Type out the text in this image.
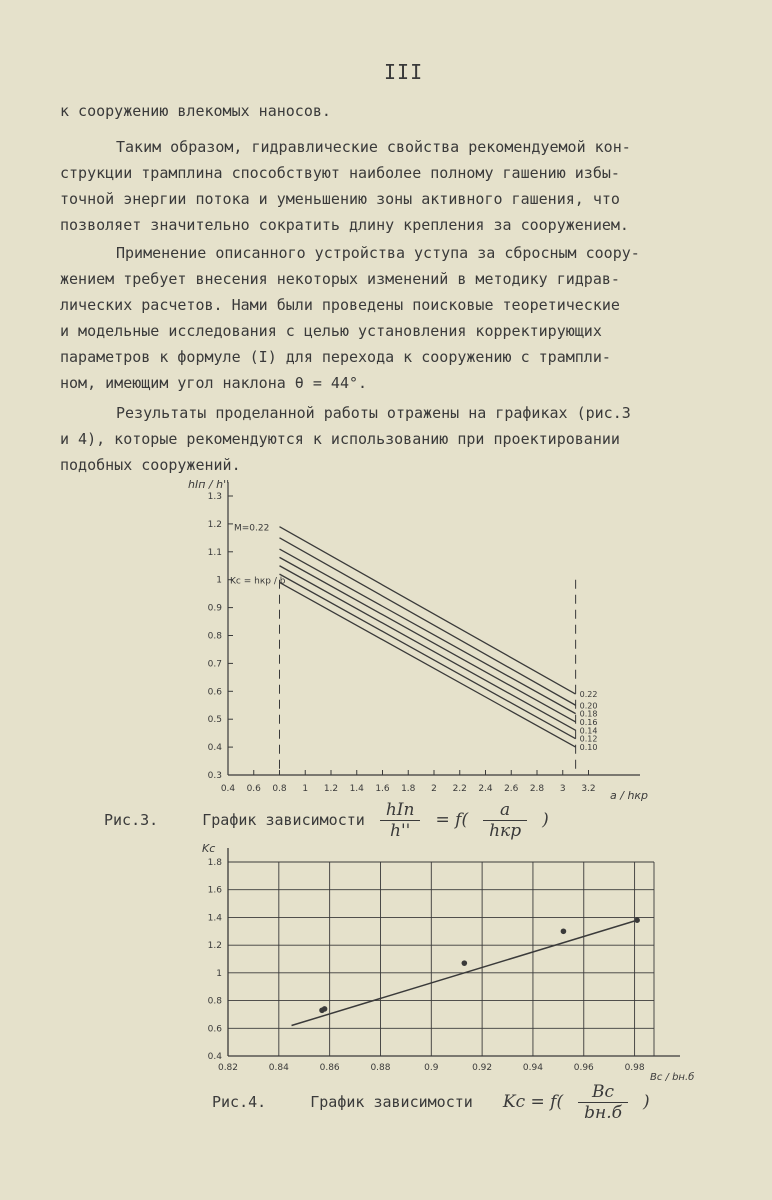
III

к сооружению влекомых наносов.

Таким образом, гидравлические свойства рекомендуемой кон-
струкции трамплина способствуют наиболее полному гашению избы-
точной энергии потока и уменьшению зоны активного гашения, что
позволяет значительно сократить длину крепления за сооружением.

Применение описанного устройства уступа за сбросным соору-
жением требует внесения некоторых изменений в методику гидрав-
лических расчетов. Нами были проведены поисковые теоретические
и модельные исследования с целью установления корректирующих
параметров к формуле (I) для перехода к сооружению с трампли-
ном, имеющим угол наклона θ = 44°.

Результаты проделанной работы отражены на графиках (рис.3
и 4), которые рекомендуются к использованию при проектировании
подобных сооружений.

0.4 0.6 0.8 1 1.2 1.4 1.6 1.8 2 2.2 2.4 2.6 2.8 3 3.2
0.3
0.4
0.5
0.6
0.7
0.8
0.9
1
1.1
1.2
1.3
0.22
0.20
0.18
0.16
0.14
0.12
0.10
hIп / h''
a / hкр
M=0.22
Kc = hкр / b
Рис.3.	График зависимости $\frac{\text{hIп}}{h''} = f( \frac{a}{\text{hкр}}$ )
0.82	0.84	0.86	0.88	0.9	0.92	0.94	0.96	0.98
0.4
0.6
0.8
1
1.2
1.4
1.6
1.8
Kc
Bc / bн.б
Рис.4.	График зависимости $Kc = f( \frac{Bc}{bн.б}$ )
